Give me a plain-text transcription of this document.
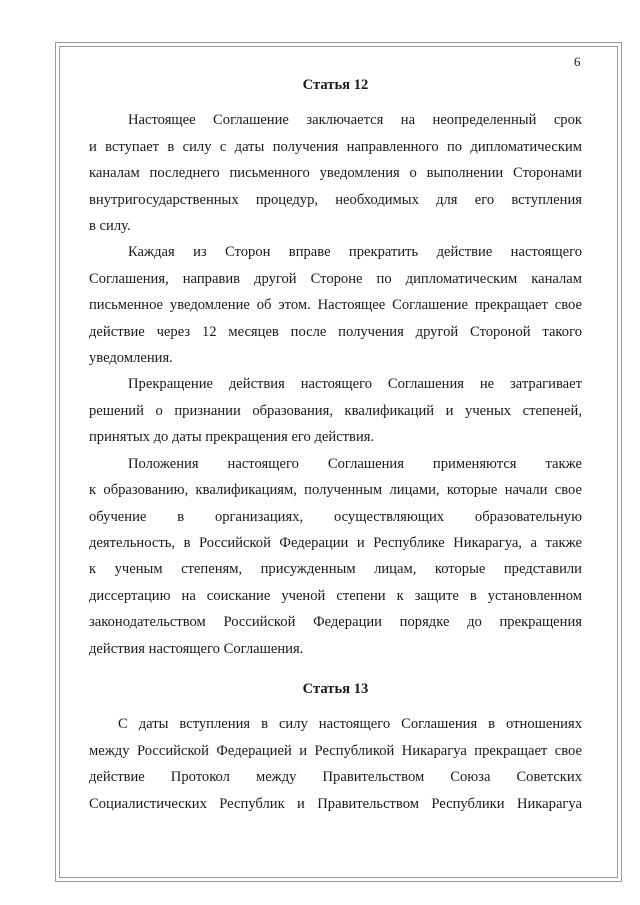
6
Статья 12
Настоящее Соглашение заключается на неопределенный срок
и вступает в силу с даты получения направленного по дипломатическим
каналам последнего письменного уведомления о выполнении Сторонами
внутригосударственных процедур, необходимых для его вступления
в силу.
Каждая из Сторон вправе прекратить действие настоящего
Соглашения, направив другой Стороне по дипломатическим каналам
письменное уведомление об этом. Настоящее Соглашение прекращает свое
действие через 12 месяцев после получения другой Стороной такого
уведомления.
Прекращение действия настоящего Соглашения не затрагивает
решений о признании образования, квалификаций и ученых степеней,
принятых до даты прекращения его действия.
Положения настоящего Соглашения применяются также
к образованию, квалификациям, полученным лицами, которые начали свое
обучение в организациях, осуществляющих образовательную
деятельность, в Российской Федерации и Республике Никарагуа, а также
к ученым степеням, присужденным лицам, которые представили
диссертацию на соискание ученой степени к защите в установленном
законодательством Российской Федерации порядке до прекращения
действия настоящего Соглашения.
Статья 13
С даты вступления в силу настоящего Соглашения в отношениях
между Российской Федерацией и Республикой Никарагуа прекращает свое
действие Протокол между Правительством Союза Советских
Социалистических Республик и Правительством Республики Никарагуа
